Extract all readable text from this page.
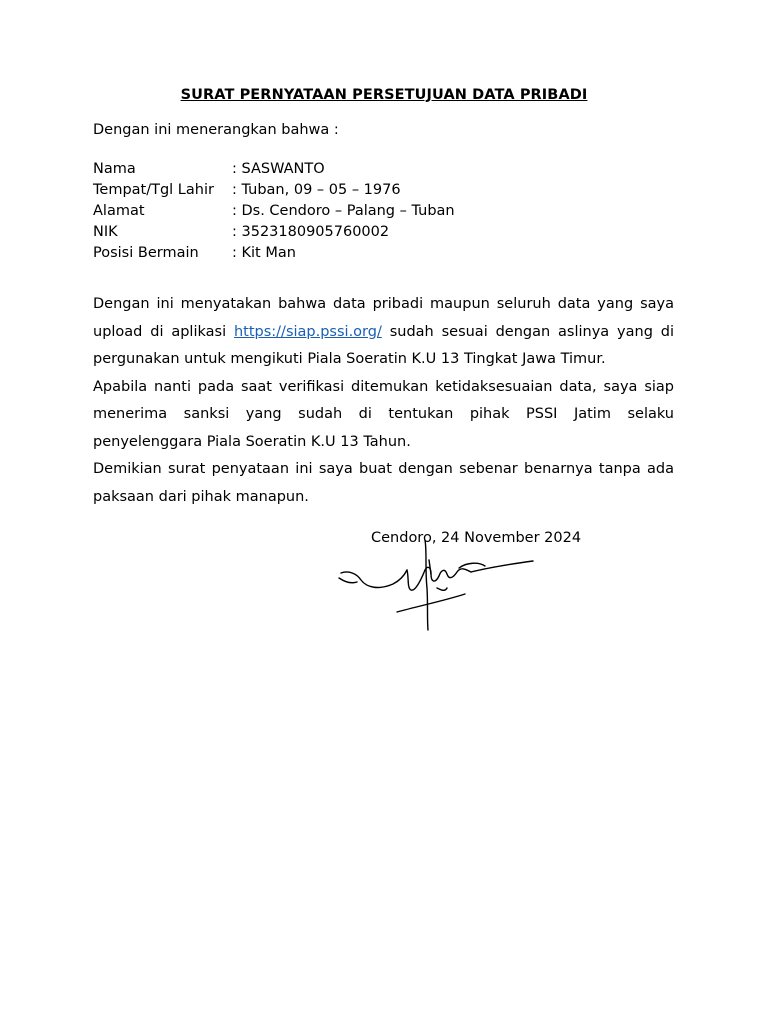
SURAT PERNYATAAN PERSETUJUAN DATA PRIBADI
Dengan ini menerangkan bahwa :
Nama	: SASWANTO
Tempat/Tgl Lahir : Tuban, 09 – 05 – 1976
Alamat	: Ds. Cendoro – Palang – Tuban
NIK	: 3523180905760002
Posisi Bermain : Kit Man

Dengan ini menyatakan bahwa data pribadi maupun seluruh data yang saya upload di aplikasi https://siap.pssi.org/ sudah sesuai dengan aslinya yang di pergunakan untuk mengikuti Piala Soeratin K.U 13 Tingkat Jawa Timur.

Apabila nanti pada saat verifikasi ditemukan ketidaksesuaian data, saya siap menerima sanksi yang sudah di tentukan pihak PSSI Jatim selaku penyelenggara Piala Soeratin K.U 13 Tahun.

Demikian surat penyataan ini saya buat dengan sebenar benarnya tanpa ada paksaan dari pihak manapun.

Cendoro, 24 November 2024
